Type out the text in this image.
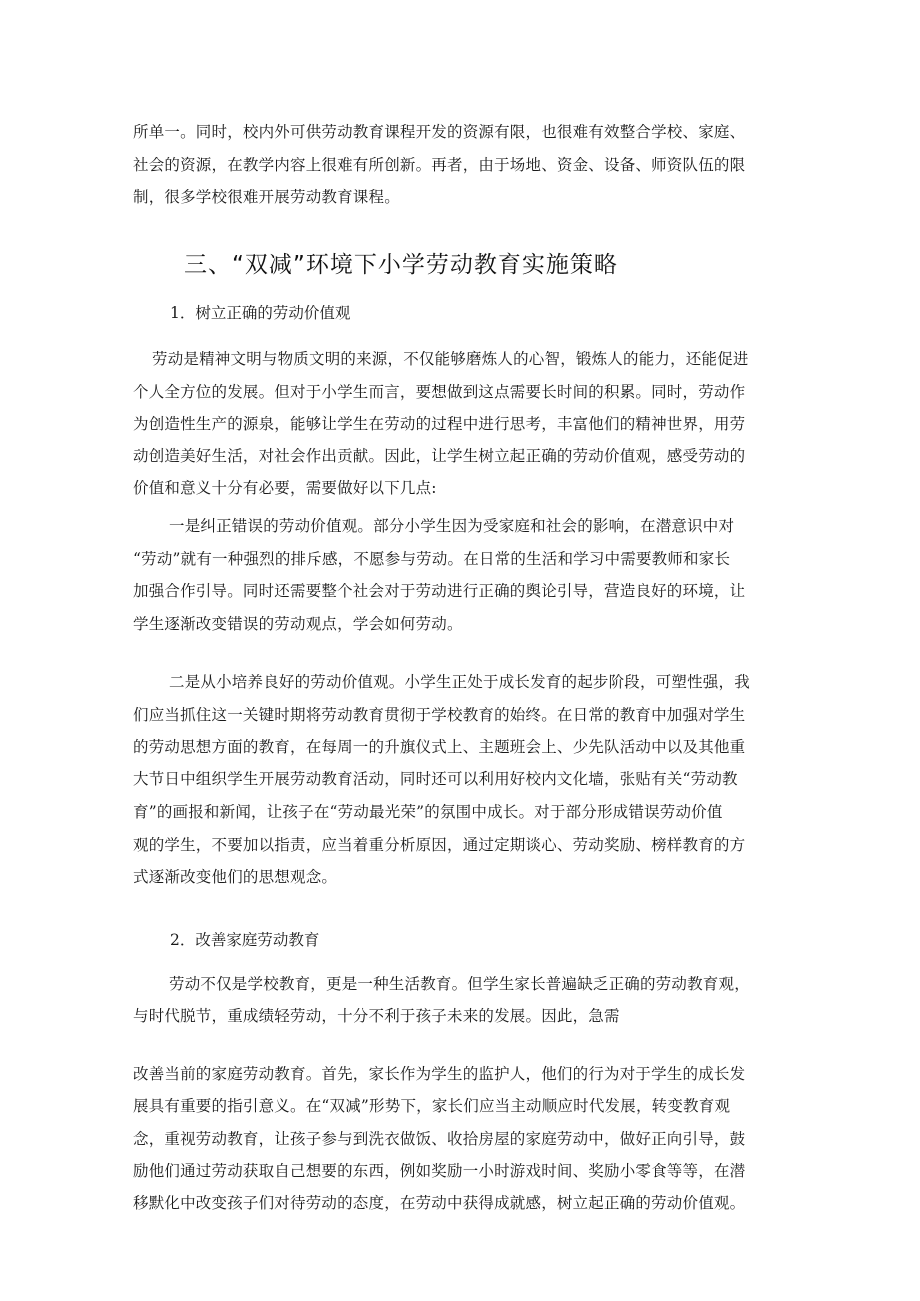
所单一。同时，校内外可供劳动教育课程开发的资源有限，也很难有效整合学校、家庭、
社会的资源，在教学内容上很难有所创新。再者，由于场地、资金、设备、师资队伍的限
制，很多学校很难开展劳动教育课程。
三、“双减”环境下小学劳动教育实施策略
1．树立正确的劳动价值观
劳动是精神文明与物质文明的来源，不仅能够磨炼人的心智，锻炼人的能力，还能促进
个人全方位的发展。但对于小学生而言，要想做到这点需要长时间的积累。同时，劳动作
为创造性生产的源泉，能够让学生在劳动的过程中进行思考，丰富他们的精神世界，用劳
动创造美好生活，对社会作出贡献。因此，让学生树立起正确的劳动价值观，感受劳动的
价值和意义十分有必要，需要做好以下几点:
一是纠正错误的劳动价值观。部分小学生因为受家庭和社会的影响，在潜意识中对
“劳动”就有一种强烈的排斥感，不愿参与劳动。在日常的生活和学习中需要教师和家长
加强合作引导。同时还需要整个社会对于劳动进行正确的舆论引导，营造良好的环境，让
学生逐渐改变错误的劳动观点，学会如何劳动。
二是从小培养良好的劳动价值观。小学生正处于成长发育的起步阶段，可塑性强，我
们应当抓住这一关键时期将劳动教育贯彻于学校教育的始终。在日常的教育中加强对学生
的劳动思想方面的教育，在每周一的升旗仪式上、主题班会上、少先队活动中以及其他重
大节日中组织学生开展劳动教育活动，同时还可以利用好校内文化墙，张贴有关“劳动教
育”的画报和新闻，让孩子在“劳动最光荣”的氛围中成长。对于部分形成错误劳动价值
观的学生，不要加以指责，应当着重分析原因，通过定期谈心、劳动奖励、榜样教育的方
式逐渐改变他们的思想观念。
2．改善家庭劳动教育
劳动不仅是学校教育，更是一种生活教育。但学生家长普遍缺乏正确的劳动教育观，
与时代脱节，重成绩轻劳动，十分不利于孩子未来的发展。因此，急需
改善当前的家庭劳动教育。首先，家长作为学生的监护人，他们的行为对于学生的成长发
展具有重要的指引意义。在“双减”形势下，家长们应当主动顺应时代发展，转变教育观
念，重视劳动教育，让孩子参与到洗衣做饭、收拾房屋的家庭劳动中，做好正向引导，鼓
励他们通过劳动获取自己想要的东西，例如奖励一小时游戏时间、奖励小零食等等，在潜
移默化中改变孩子们对待劳动的态度，在劳动中获得成就感，树立起正确的劳动价值观。
